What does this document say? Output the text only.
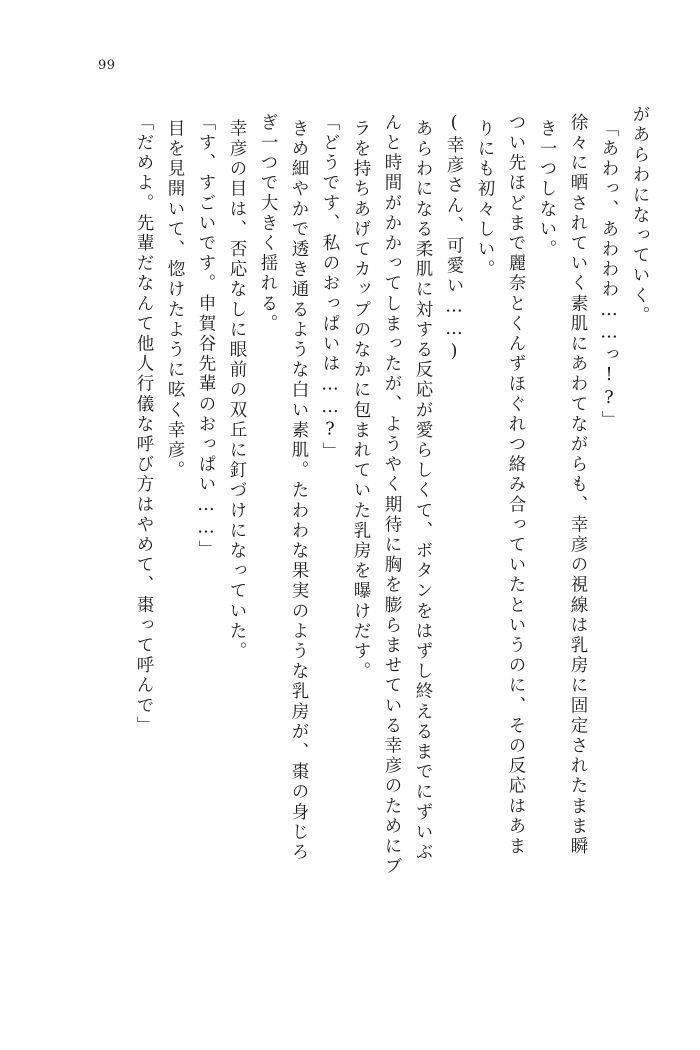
99
があらわになっていく。
「あわっ、あわわわ……っ!?」
徐々に晒されていく素肌にあわてながらも、幸彦の視線は乳房に固定されたまま瞬
き一つしない。
つい先ほどまで麗奈とくんずほぐれつ絡み合っていたというのに、その反応はあま
りにも初々しい。
(幸彦さん、可愛い……)
あらわになる柔肌に対する反応が愛らしくて、ボタンをはずし終えるまでにずいぶ
んと時間がかかってしまったが、ようやく期待に胸を膨らませている幸彦のためにブ
ラを持ちあげてカップのなかに包まれていた乳房を曝けだす。
「どうです、私のおっぱいは……?」
きめ細やかで透き通るような白い素肌。たわわな果実のような乳房が、棗の身じろ
ぎ一つで大きく揺れる。
幸彦の目は、否応なしに眼前の双丘に釘づけになっていた。
「す、すごいです。申賀谷先輩のおっぱい……」
目を見開いて、惚けたように呟く幸彦。
「だめよ。先輩だなんて他人行儀な呼び方はやめて、棗って呼んで」
